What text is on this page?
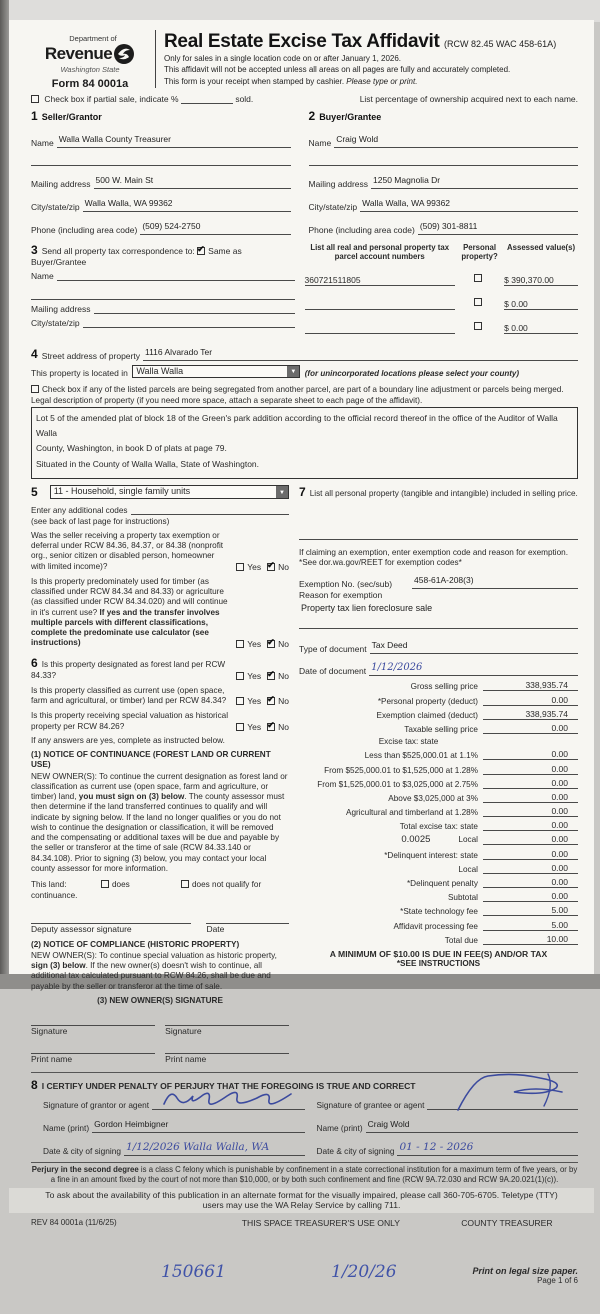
Department of
Revenue
Washington State
Form 84 0001a
Real Estate Excise Tax Affidavit (RCW 82.45 WAC 458-61A)
Only for sales in a single location code on or after January 1, 2026.
This affidavit will not be accepted unless all areas on all pages are fully and accurately completed.
This form is your receipt when stamped by cashier. Please type or print.
Check box if partial sale, indicate %	sold.	List percentage of ownership acquired next to each name.
1 Seller/Grantor
Name Walla Walla County Treasurer
Mailing address 500 W. Main St
City/state/zip Walla Walla, WA 99362
Phone (including area code) (509) 524-2750
2 Buyer/Grantee
Name Craig Wold
Mailing address 1250 Magnolia Dr
City/state/zip Walla Walla, WA 99362
Phone (including area code) (509) 301-8811
3 Send all property tax correspondence to: ✔ Same as Buyer/Grantee
Name
Mailing address
City/state/zip
List all real and personal property tax parcel account numbers
Personal property?
Assessed value(s)
360721511805	$ 390,370.00
$ 0.00
$ 0.00
4 Street address of property 1116 Alvarado Ter
This property is located in Walla Walla	▼	(for unincorporated locations please select your county)
Check box if any of the listed parcels are being segregated from another parcel, are part of a boundary line adjustment or parcels being merged.
Legal description of property (if you need more space, attach a separate sheet to each page of the affidavit).
Lot 5 of the amended plat of block 18 of the Green's park addition according to the official record thereof in the office of the Auditor of Walla Walla
County, Washington, in book D of plats at page 79.
Situated in the County of Walla Walla, State of Washington.
5	11 - Household, single family units	▼
Enter any additional codes
(see back of last page for instructions)

Was the seller receiving a property tax exemption or deferral under RCW 84.36, 84.37, or 84.38 (nonprofit org., senior citizen or disabled person, homeowner with limited income)?	Yes ✔ No

Is this property predominately used for timber (as classified under RCW 84.34 and 84.33) or agriculture (as classified under RCW 84.34.020) and will continue in it's current use? If yes and the transfer involves multiple parcels with different classifications, complete the predominate use calculator (see instructions)	Yes ✔ No

6 Is this property designated as forest land per RCW 84.33?	Yes ✔ No

Is this property classified as current use (open space, farm and agricultural, or timber) land per RCW 84.34?	Yes ✔ No

Is this property receiving special valuation as historical property per RCW 84.26?	Yes ✔ No
If any answers are yes, complete as instructed below.
(1) NOTICE OF CONTINUANCE (FOREST LAND OR CURRENT USE)
NEW OWNER(S): To continue the current designation as forest land or classification as current use (open space, farm and agriculture, or timber) land, you must sign on (3) below. The county assessor must then determine if the land transferred continues to qualify and will indicate by signing below. If the land no longer qualifies or you do not wish to continue the designation or classification, it will be removed and the compensating or additional taxes will be due and payable by the seller or transferor at the time of sale (RCW 84.33.140 or 84.34.108). Prior to signing (3) below, you may contact your local county assessor for more information.
This land:	does	does not qualify for
continuance.
Deputy assessor signature	Date
(2) NOTICE OF COMPLIANCE (HISTORIC PROPERTY)
NEW OWNER(S): To continue special valuation as historic property, sign (3) below. If the new owner(s) doesn't wish to continue, all additional tax calculated pursuant to RCW 84.26, shall be due and payable by the seller or transferor at the time of sale.
(3) NEW OWNER(S) SIGNATURE
Signature	Signature
Print name	Print name
7 List all personal property (tangible and intangible) included in selling price.
If claiming an exemption, enter exemption code and reason for exemption. *See dor.wa.gov/REET for exemption codes*
Exemption No. (sec/sub)	458-61A-208(3)
Reason for exemption
Property tax lien foreclosure sale
Type of document Tax Deed
Date of document 1/12/2026
Gross selling price	338,935.74
*Personal property (deduct)	0.00
Exemption claimed (deduct)	338,935.74
Taxable selling price	0.00
Excise tax: state
Less than $525,000.01 at 1.1%	0.00
From $525,000.01 to $1,525,000 at 1.28%	0.00
From $1,525,000.01 to $3,025,000 at 2.75%	0.00
Above $3,025,000 at 3%	0.00
Agricultural and timberland at 1.28%	0.00
Total excise tax: state	0.00
0.0025	Local	0.00
*Delinquent interest: state	0.00
Local	0.00
*Delinquent penalty	0.00
Subtotal	0.00
*State technology fee	5.00
Affidavit processing fee	5.00
Total due	10.00
A MINIMUM OF $10.00 IS DUE IN FEE(S) AND/OR TAX
*SEE INSTRUCTIONS
8 I CERTIFY UNDER PENALTY OF PERJURY THAT THE FOREGOING IS TRUE AND CORRECT
Signature of grantor or agent
Name (print) Gordon Heimbigner
Date & city of signing 1/12/2026 Walla Walla, WA
Signature of grantee or agent
Name (print) Craig Wold
Date & city of signing 01 - 12 - 2026
Perjury in the second degree is a class C felony which is punishable by confinement in a state correctional institution for a maximum term of five years, or by a fine in an amount fixed by the court of not more than $10,000, or by both such confinement and fine (RCW 9A.72.030 and RCW 9A.20.021(1)(c)).
To ask about the availability of this publication in an alternate format for the visually impaired, please call 360-705-6705. Teletype (TTY) users may use the WA Relay Service by calling 711.
REV 84 0001a (11/6/25)	THIS SPACE TREASURER'S USE ONLY	COUNTY TREASURER
150661	1/20/26	Print on legal size paper.
Page 1 of 6
